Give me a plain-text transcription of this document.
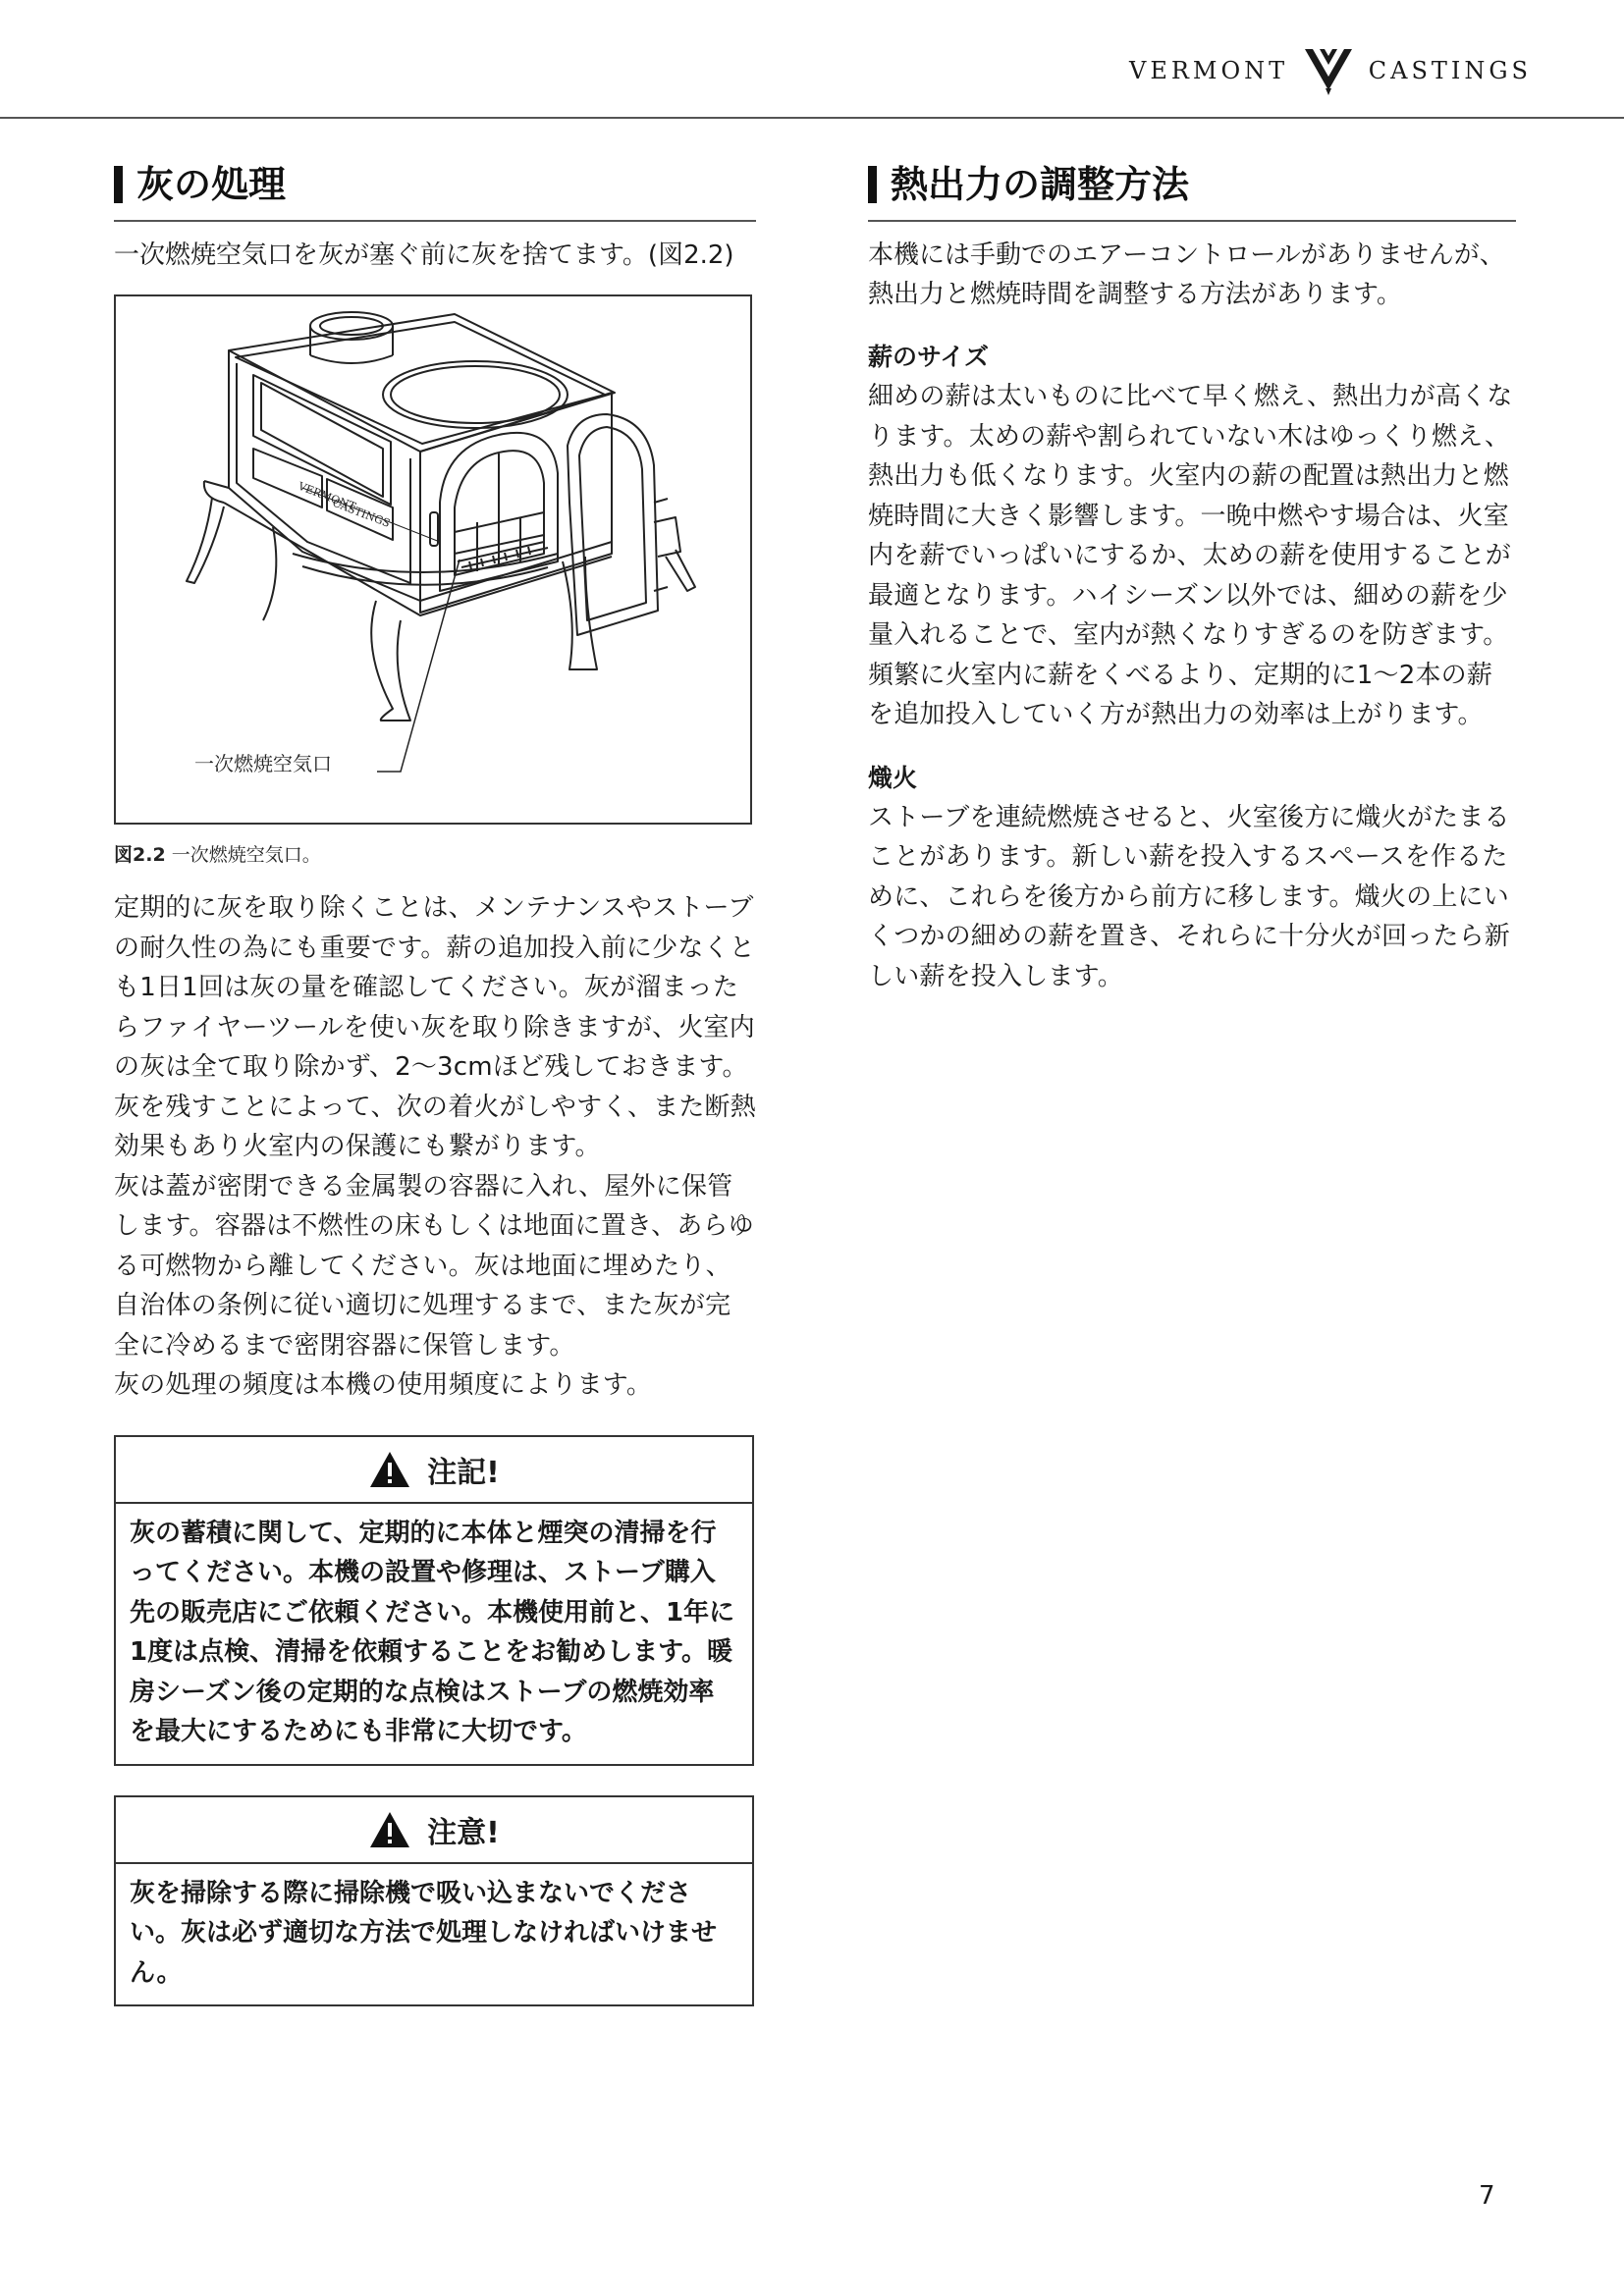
VERMONT	CASTINGS
灰の処理

一次燃焼空気口を灰が塞ぐ前に灰を捨てます。(図2.2)

VERMONT
CASTINGS
一次燃焼空気口
図2.2 一次燃焼空気口。

定期的に灰を取り除くことは、メンテナンスやストーブの耐久性の為にも重要です。薪の追加投入前に少なくとも1日1回は灰の量を確認してください。灰が溜まったらファイヤーツールを使い灰を取り除きますが、火室内の灰は全て取り除かず、2〜3cmほど残しておきます。灰を残すことによって、次の着火がしやすく、また断熱効果もあり火室内の保護にも繋がります。

灰は蓋が密閉できる金属製の容器に入れ、屋外に保管します。容器は不燃性の床もしくは地面に置き、あらゆる可燃物から離してください。灰は地面に埋めたり、自治体の条例に従い適切に処理するまで、また灰が完全に冷めるまで密閉容器に保管します。

灰の処理の頻度は本機の使用頻度によります。

注記!
灰の蓄積に関して、定期的に本体と煙突の清掃を行ってください。本機の設置や修理は、ストーブ購入先の販売店にご依頼ください。本機使用前と、1年に1度は点検、清掃を依頼することをお勧めします。暖房シーズン後の定期的な点検はストーブの燃焼効率を最大にするためにも非常に大切です。
注意!
灰を掃除する際に掃除機で吸い込まないでください。灰は必ず適切な方法で処理しなければいけません。
熱出力の調整方法

本機には手動でのエアーコントロールがありませんが、熱出力と燃焼時間を調整する方法があります。

薪のサイズ

細めの薪は太いものに比べて早く燃え、熱出力が高くなります。太めの薪や割られていない木はゆっくり燃え、熱出力も低くなります。火室内の薪の配置は熱出力と燃焼時間に大きく影響します。一晩中燃やす場合は、火室内を薪でいっぱいにするか、太めの薪を使用することが最適となります。ハイシーズン以外では、細めの薪を少量入れることで、室内が熱くなりすぎるのを防ぎます。頻繁に火室内に薪をくべるより、定期的に1〜2本の薪を追加投入していく方が熱出力の効率は上がります。

熾火

ストーブを連続燃焼させると、火室後方に熾火がたまることがあります。新しい薪を投入するスペースを作るために、これらを後方から前方に移します。熾火の上にいくつかの細めの薪を置き、それらに十分火が回ったら新しい薪を投入します。

7
